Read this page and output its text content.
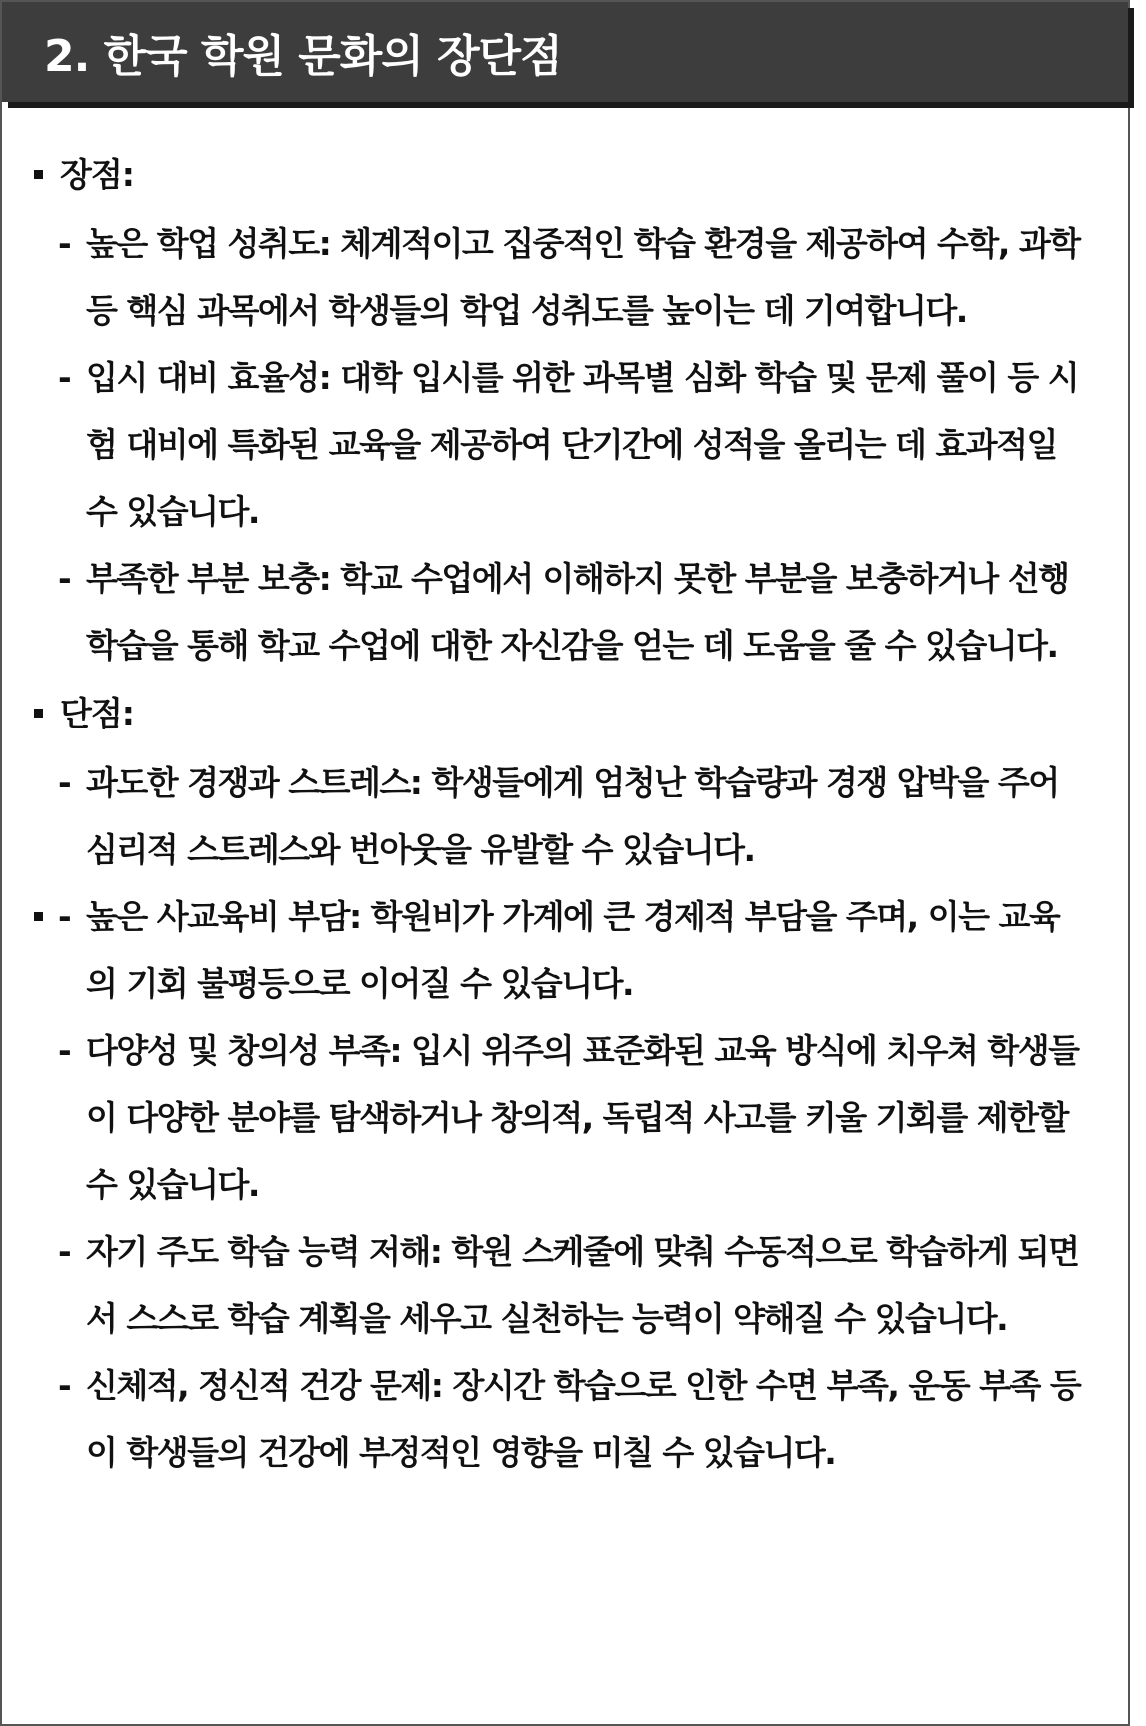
2. 한국 학원 문화의 장단점
장점:
- 높은 학업 성취도: 체계적이고 집중적인 학습 환경을 제공하여 수학, 과학 등 핵심 과목에서 학생들의 학업 성취도를 높이는 데 기여합니다.
- 입시 대비 효율성: 대학 입시를 위한 과목별 심화 학습 및 문제 풀이 등 시험 대비에 특화된 교육을 제공하여 단기간에 성적을 올리는 데 효과적일 수 있습니다.
- 부족한 부분 보충: 학교 수업에서 이해하지 못한 부분을 보충하거나 선행 학습을 통해 학교 수업에 대한 자신감을 얻는 데 도움을 줄 수 있습니다.
단점:
- 과도한 경쟁과 스트레스: 학생들에게 엄청난 학습량과 경쟁 압박을 주어 심리적 스트레스와 번아웃을 유발할 수 있습니다.
- 높은 사교육비 부담: 학원비가 가계에 큰 경제적 부담을 주며, 이는 교육의 기회 불평등으로 이어질 수 있습니다.
- 다양성 및 창의성 부족: 입시 위주의 표준화된 교육 방식에 치우쳐 학생들이 다양한 분야를 탐색하거나 창의적, 독립적 사고를 키울 기회를 제한할 수 있습니다.
- 자기 주도 학습 능력 저해: 학원 스케줄에 맞춰 수동적으로 학습하게 되면서 스스로 학습 계획을 세우고 실천하는 능력이 약해질 수 있습니다.
- 신체적, 정신적 건강 문제: 장시간 학습으로 인한 수면 부족, 운동 부족 등이 학생들의 건강에 부정적인 영향을 미칠 수 있습니다.
